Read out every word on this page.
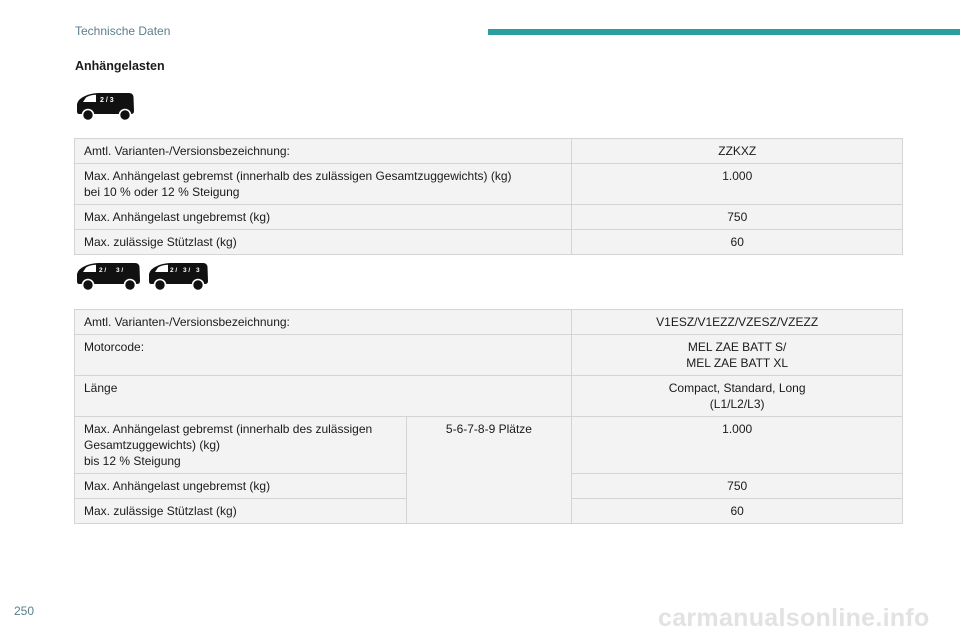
Technische Daten
Anhängelasten
2 / 3
Amtl. Varianten-/Versionsbezeichnung:	ZZKXZ

Max. Anhängelast gebremst (innerhalb des zulässigen Gesamtzuggewichts) (kg)
bei 10 % oder 12 % Steigung	1.000
Max. Anhängelast ungebremst (kg)	750
Max. zulässige Stützlast (kg)	60
2 / 3 /	2 / 3 / 3
Amtl. Varianten-/Versionsbezeichnung:		V1ESZ/V1EZZ/VZESZ/VZEZZ
Motorcode:		MEL ZAE BATT S/
MEL ZAE BATT XL

Länge		Compact, Standard, Long
(L1/L2/L3)

Max. Anhängelast gebremst (innerhalb des zulässigen
Gesamtzuggewichts) (kg)
bis 12 % Steigung	5-6-7-8-9 Plätze	1.000
Max. Anhängelast ungebremst (kg)		750
Max. zulässige Stützlast (kg)		60
250	carmanualsonline.info
